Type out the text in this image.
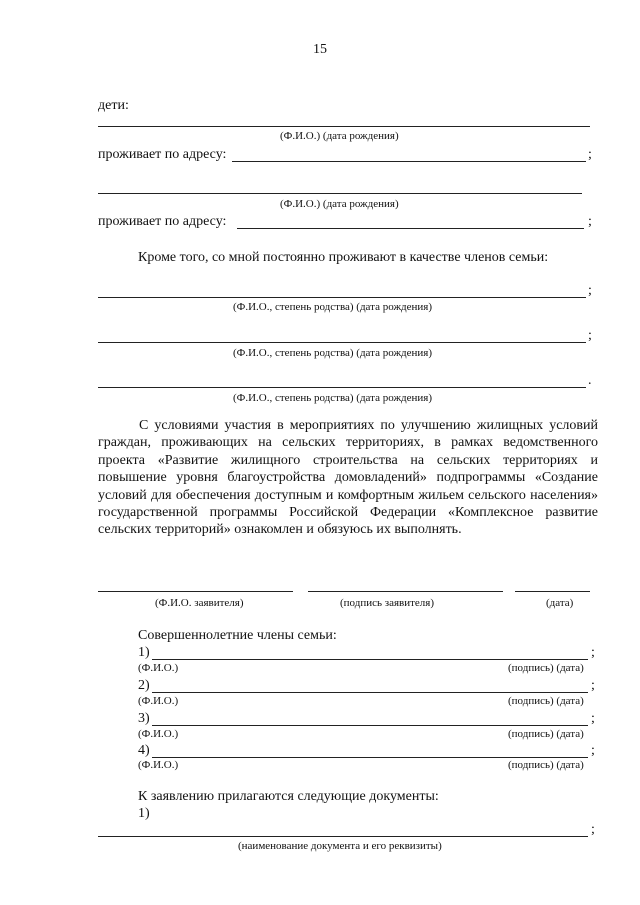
15
дети:
(Ф.И.О.) (дата рождения)
проживает по адресу:	;
(Ф.И.О.) (дата рождения)
проживает по адресу:	;
Кроме того, со мной постоянно проживают в качестве членов семьи:
;
(Ф.И.О., степень родства) (дата рождения)
;
(Ф.И.О., степень родства) (дата рождения)
.
(Ф.И.О., степень родства) (дата рождения)
С условиями участия в мероприятиях по улучшению жилищных условий граждан, проживающих на сельских территориях, в рамках ведомственного проекта «Развитие жилищного строительства на сельских территориях и повышение уровня благоустройства домовладений» подпрограммы «Создание условий для обеспечения доступным и комфортным жильем сельского населения» государственной программы Российской Федерации «Комплексное развитие сельских территорий» ознакомлен и обязуюсь их выполнять.
(Ф.И.О. заявителя)	(подпись заявителя)	(дата)
Совершеннолетние члены семьи:
1)	;
(Ф.И.О.)	(подпись) (дата)
2)	;
(Ф.И.О.)	(подпись) (дата)
3)	;
(Ф.И.О.)	(подпись) (дата)
4)	;
(Ф.И.О.)	(подпись) (дата)
К заявлению прилагаются следующие документы:
1)
;
(наименование документа и его реквизиты)
